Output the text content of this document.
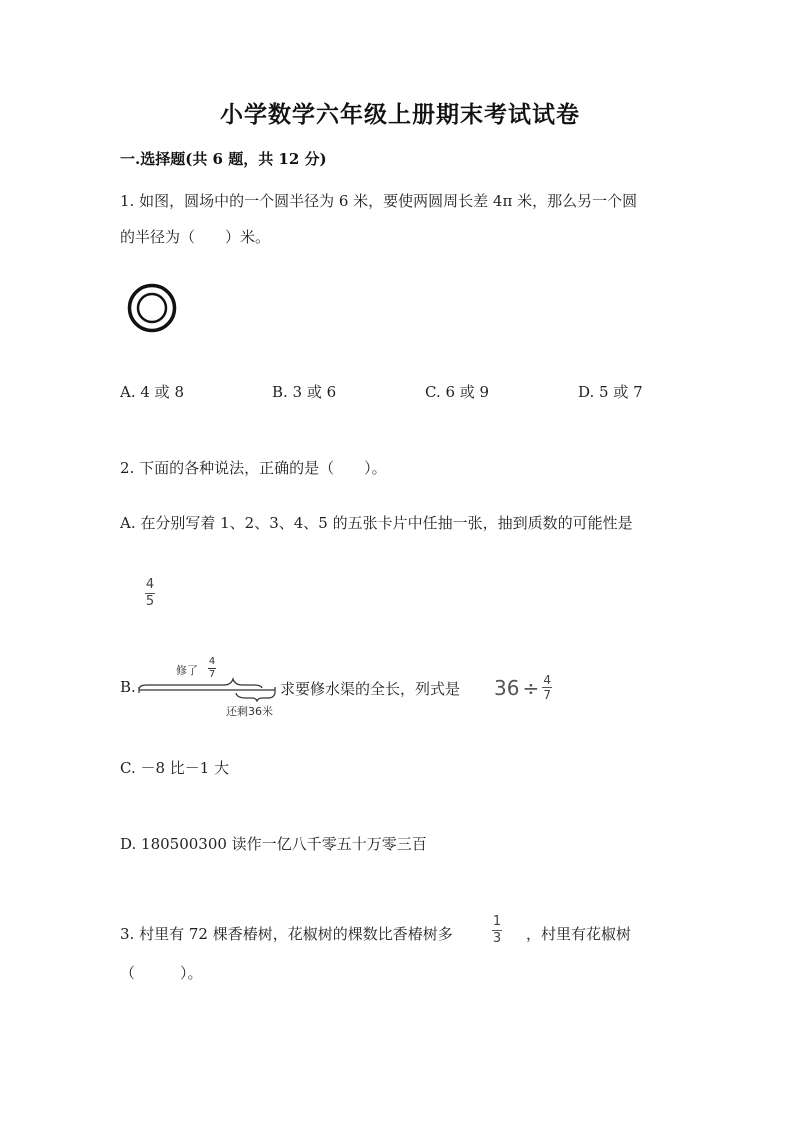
小学数学六年级上册期末考试试卷
一.选择题(共 6 题，共 12 分)
1. 如图，圆场中的一个圆半径为 6 米，要使两圆周长差 4π 米，那么另一个圆
的半径为（　　）米。
A. 4 或 8	B. 3 或 6	C. 6 或 9	D. 5 或 7
2. 下面的各种说法，正确的是（　　）。
A. 在分别写着 1、2、3、4、5 的五张卡片中任抽一张，抽到质数的可能性是
4
5
B.
修了
4
7
还剩36米
求要修水渠的全长，列式是 $36 \div \frac{4}{7}$
C. －8 比－1 大
D. 180500300 读作一亿八千零五十万零三百
3. 村里有 72 棵香椿树，花椒树的棵数比香椿树多
1
3 ，村里有花椒树
（　　　）。
